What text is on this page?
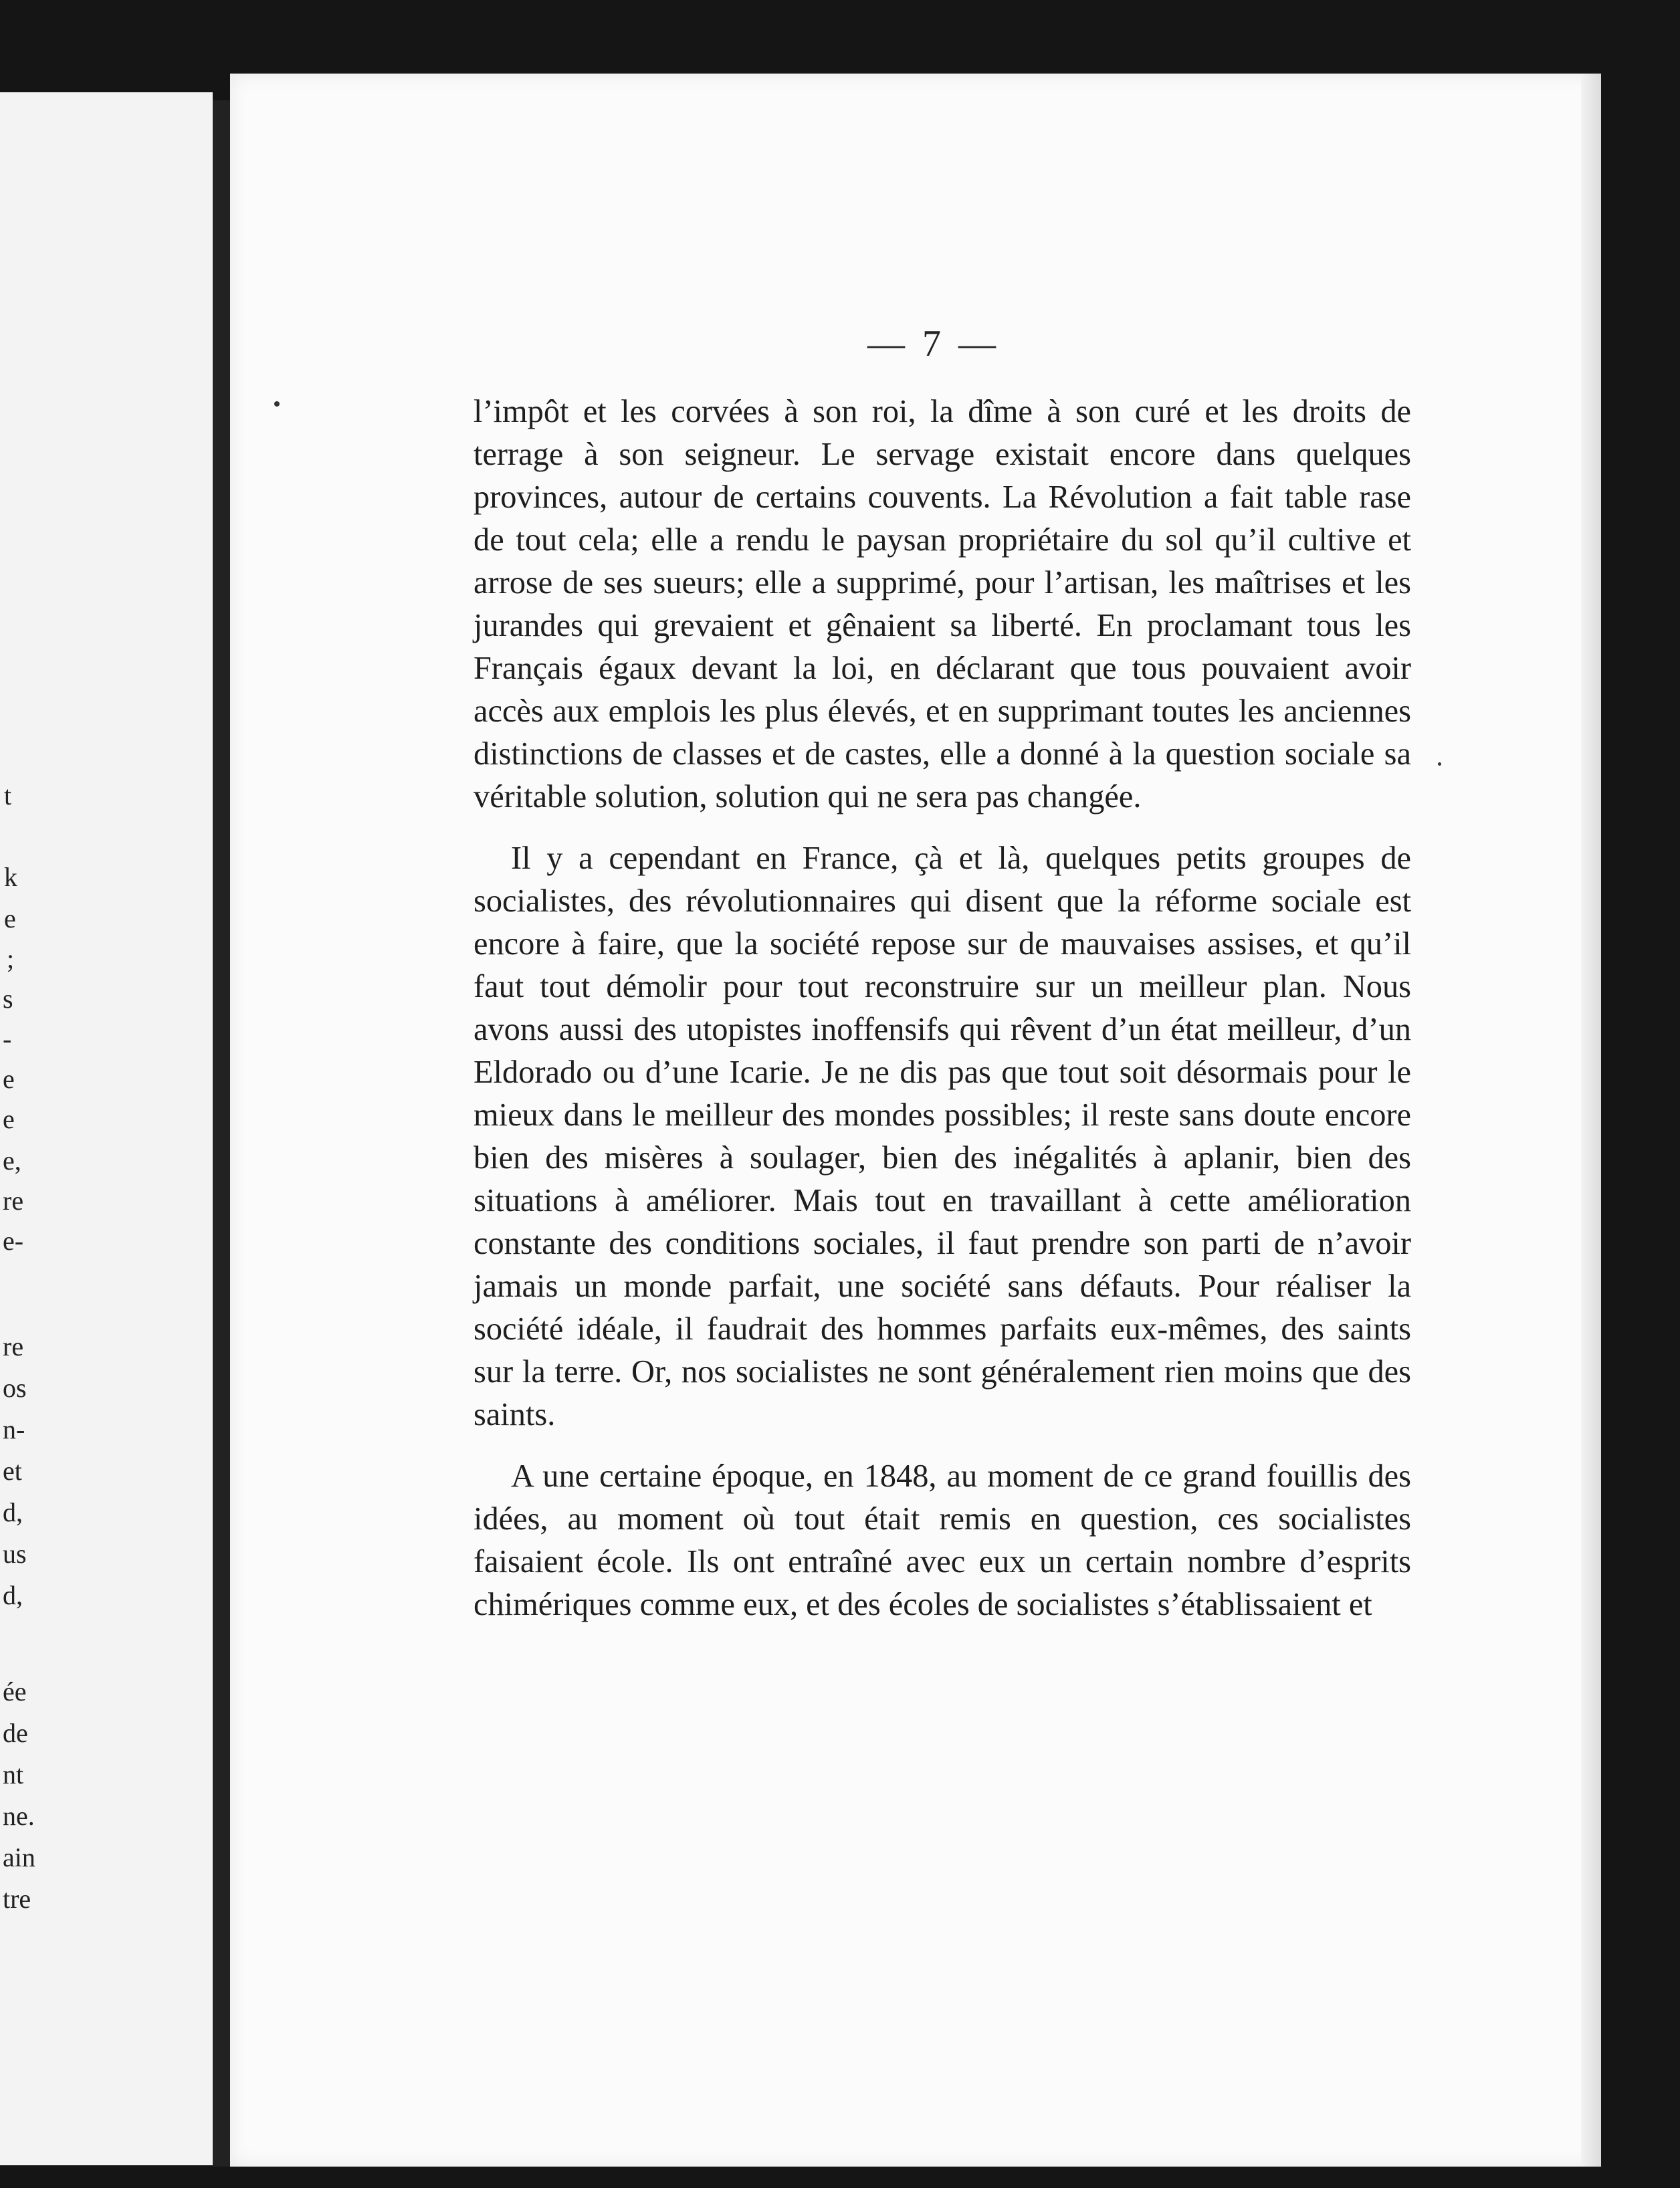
t
k
e
;
s
-
e
e
e,
re
e-
re
os
n-
et
d,
us
d,
ée
de
nt
ne.
ain
tre
— 7 —

l’impôt et les corvées à son roi, la dîme à son curé et les droits de terrage à son seigneur. Le servage existait encore dans quelques provinces, autour de certains couvents. La Révolution a fait table rase de tout cela; elle a rendu le paysan propriétaire du sol qu’il cultive et arrose de ses sueurs; elle a supprimé, pour l’artisan, les maîtrises et les jurandes qui grevaient et gênaient sa liberté. En proclamant tous les Français égaux devant la loi, en déclarant que tous pouvaient avoir accès aux emplois les plus élevés, et en supprimant toutes les anciennes distinctions de classes et de castes, elle a donné à la question sociale sa véritable solution, solution qui ne sera pas changée.

Il y a cependant en France, çà et là, quelques petits groupes de socialistes, des révolutionnaires qui disent que la réforme sociale est encore à faire, que la société repose sur de mauvaises assises, et qu’il faut tout démolir pour tout reconstruire sur un meilleur plan. Nous avons aussi des utopistes inoffensifs qui rêvent d’un état meilleur, d’un Eldorado ou d’une Icarie. Je ne dis pas que tout soit désormais pour le mieux dans le meilleur des mondes possibles; il reste sans doute encore bien des misères à soulager, bien des inégalités à aplanir, bien des situations à améliorer. Mais tout en travaillant à cette amélioration constante des conditions sociales, il faut prendre son parti de n’avoir jamais un monde parfait, une société sans défauts. Pour réaliser la société idéale, il faudrait des hommes parfaits eux-mêmes, des saints sur la terre. Or, nos socialistes ne sont généralement rien moins que des saints.

A une certaine époque, en 1848, au moment de ce grand fouillis des idées, au moment où tout était remis en question, ces socialistes faisaient école. Ils ont entraîné avec eux un certain nombre d’esprits chimériques comme eux, et des écoles de socialistes s’établissaient et
